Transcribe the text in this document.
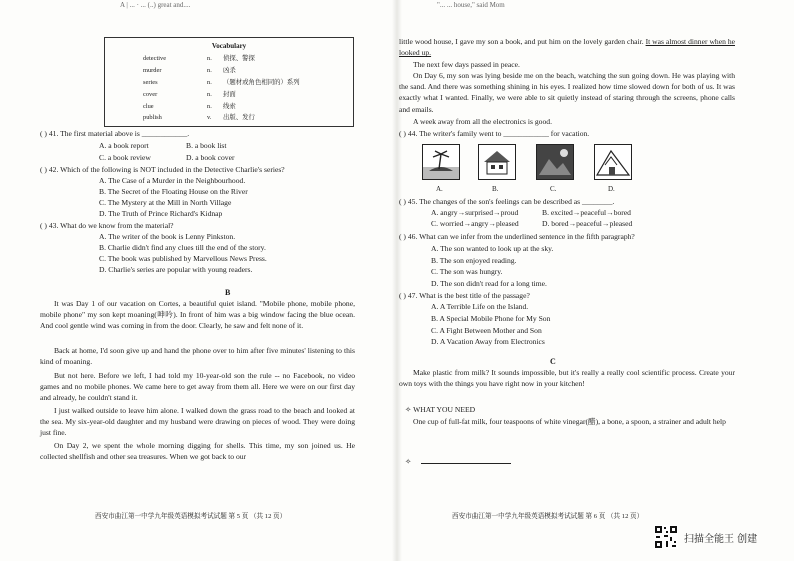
A | ... · ... (..) great and....
Vocabulary
detective	n. 侦探、警探
murder	n. 凶杀
series	n. （题材或角色相同的）系列
cover	n. 封面
clue	n. 线索
publish	v. 出版、发行
( ) 41. The first material above is ____________.
A. a book report	B. a book list
C. a book review	D. a book cover
( ) 42. Which of the following is NOT included in the Detective Charlie's series?
A. The Case of a Murder in the Neighbourhood.
B. The Secret of the Floating House on the River
C. The Mystery at the Mill in North Village
D. The Truth of Prince Richard's Kidnap
( ) 43. What do we know from the material?
A. The writer of the book is Lenny Pinkston.
B. Charlie didn't find any clues till the end of the story.
C. The book was published by Marvellous News Press.
D. Charlie's series are popular with young readers.
B
It was Day 1 of our vacation on Cortes, a beautiful quiet island. "Mobile phone, mobile phone, mobile phone" my son kept moaning(呻吟). In front of him was a big window facing the blue ocean. And cool gentle wind was coming in from the door. Clearly, he saw and felt none of it.
Back at home, I'd soon give up and hand the phone over to him after five minutes' listening to this kind of moaning.
But not here. Before we left, I had told my 10-year-old son the rule -- no Facebook, no video games and no mobile phones. We came here to get away from them all. Here we were on our first day and already, he couldn't stand it.
I just walked outside to leave him alone. I walked down the grass road to the beach and looked at the sea. My six-year-old daughter and my husband were drawing on pieces of wood. They were doing just fine.
On Day 2, we spent the whole morning digging for shells. This time, my son joined us. He collected shellfish and other sea treasures. When we got back to our
西安市曲江第一中学九年级英语模拟考试试题 第 5 页 （共 12 页）
"... ... house," said Mom
little wood house, I gave my son a book, and put him on the lovely garden chair. It was almost dinner when he looked up.
The next few days passed in peace.
On Day 6, my son was lying beside me on the beach, watching the sun going down. He was playing with the sand. And there was something shining in his eyes. I realized how time slowed down for both of us. It was exactly what I wanted. Finally, we were able to sit quietly instead of staring through the screens, phone calls and emails.
A week away from all the electronics is good.
( ) 44. The writer's family went to ____________ for vacation.
( ) 45. The changes of the son's feelings can be described as ________.
A. angry→surprised→proud	B. excited→peaceful→bored
C. worried→angry→pleased	D. bored→peaceful→pleased
( ) 46. What can we infer from the underlined sentence in the fifth paragraph?
A. The son wanted to look up at the sky.
B. The son enjoyed reading.
C. The son was hungry.
D. The son didn't read for a long time.
( ) 47. What is the best title of the passage?
A. A Terrible Life on the Island.
B. A Special Mobile Phone for My Son
C. A Fight Between Mother and Son
D. A Vacation Away from Electronics
C
Make plastic from milk? It sounds impossible, but it's really a really cool scientific process. Create your own toys with the things you have right now in your kitchen!
✧ WHAT YOU NEED
One cup of full-fat milk, four teaspoons of white vinegar(醋), a bone, a spoon, a strainer and adult help
✧
西安市曲江第一中学九年级英语模拟考试试题 第 6 页 （共 12 页）
A.	B.	C.	D.
扫描全能王 创建
